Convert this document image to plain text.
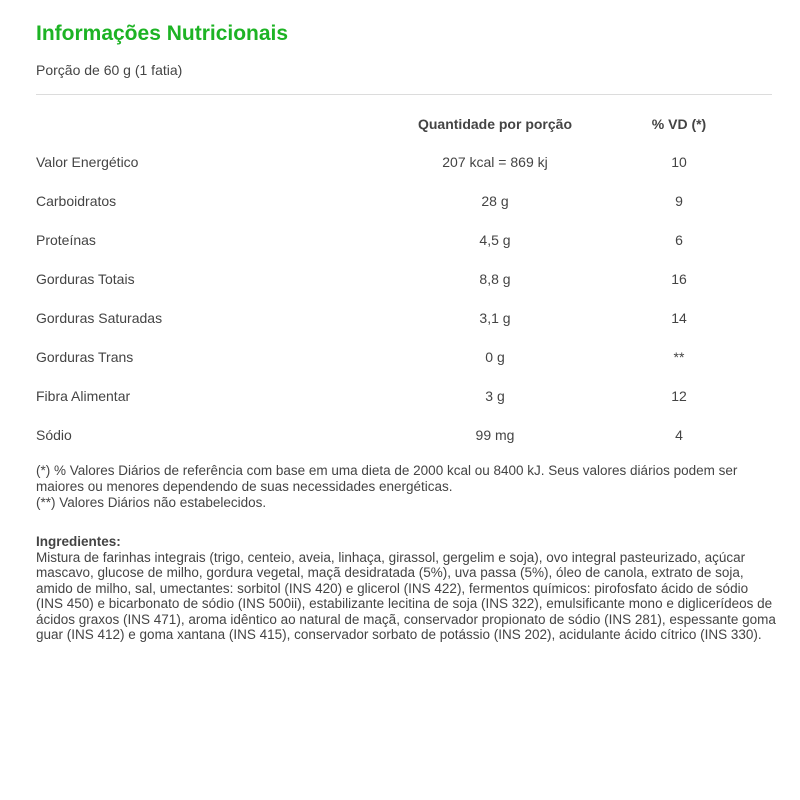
Informações Nutricionais
Porção de 60 g (1 fatia)
Quantidade por porção	% VD (*)
Valor Energético	207 kcal = 869 kj	10
Carboidratos	28 g	9
Proteínas	4,5 g	6
Gorduras Totais	8,8 g	16
Gorduras Saturadas	3,1 g	14
Gorduras Trans	0 g	**
Fibra Alimentar	3 g	12
Sódio	99 mg	4

(*) % Valores Diários de referência com base em uma dieta de 2000 kcal ou 8400 kJ. Seus valores diários podem ser maiores ou menores dependendo de suas necessidades energéticas.

(**) Valores Diários não estabelecidos.

Ingredientes:

Mistura de farinhas integrais (trigo, centeio, aveia, linhaça, girassol, gergelim e soja), ovo integral pasteurizado, açúcar mascavo, glucose de milho, gordura vegetal, maçã desidratada (5%), uva passa (5%), óleo de canola, extrato de soja, amido de milho, sal, umectantes: sorbitol (INS 420) e glicerol (INS 422), fermentos químicos: pirofosfato ácido de sódio (INS 450) e bicarbonato de sódio (INS 500ii), estabilizante lecitina de soja (INS 322), emulsificante mono e diglicerídeos de ácidos graxos (INS 471), aroma idêntico ao natural de maçã, conservador propionato de sódio (INS 281), espessante goma guar (INS 412) e goma xantana (INS 415), conservador sorbato de potássio (INS 202), acidulante ácido cítrico (INS 330).
